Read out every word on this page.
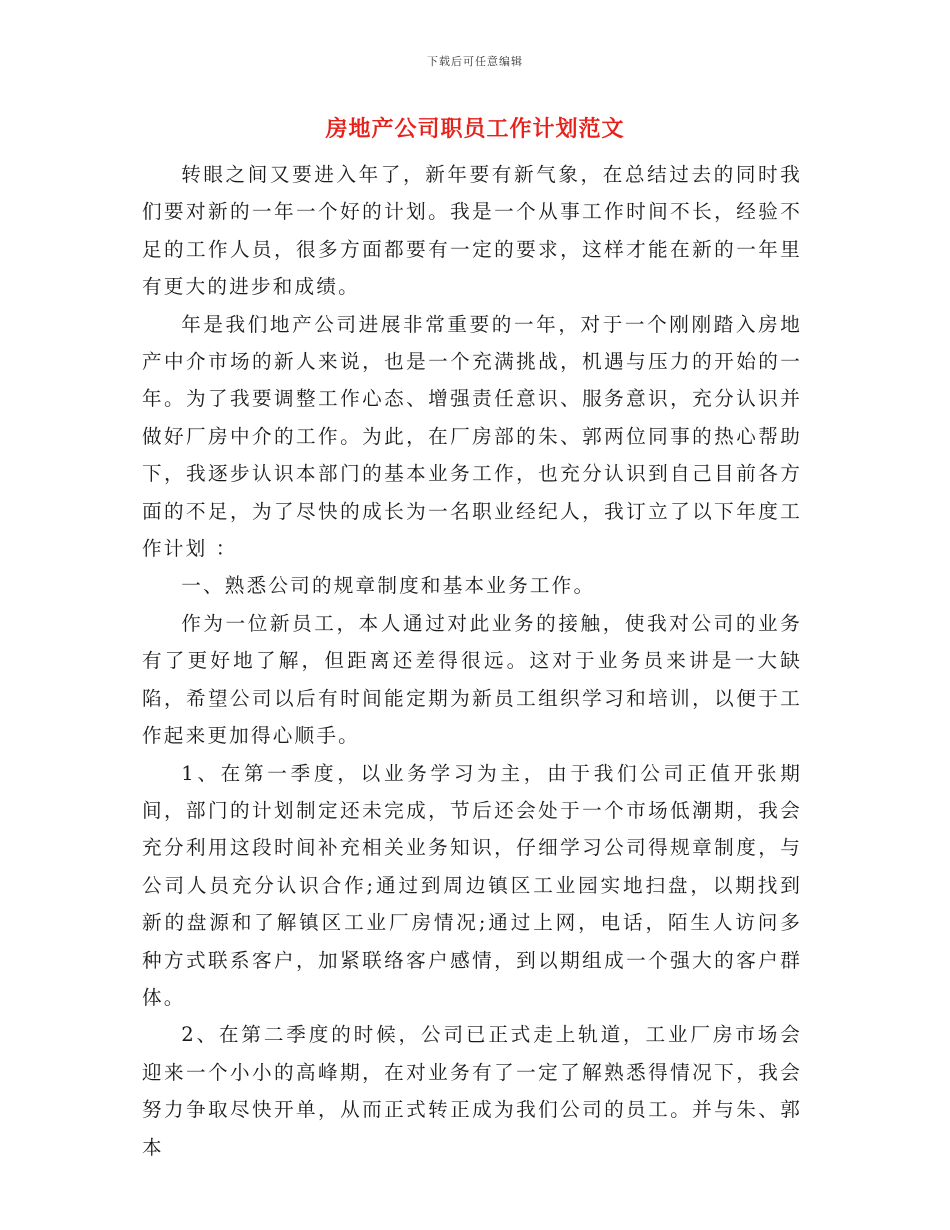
下载后可任意编辑
房地产公司职员工作计划范文

转眼之间又要进入年了，新年要有新气象，在总结过去的同时我们要对新的一年一个好的计划。我是一个从事工作时间不长，经验不足的工作人员，很多方面都要有一定的要求，这样才能在新的一年里有更大的进步和成绩。

年是我们地产公司进展非常重要的一年，对于一个刚刚踏入房地产中介市场的新人来说，也是一个充满挑战，机遇与压力的开始的一年。为了我要调整工作心态、增强责任意识、服务意识，充分认识并做好厂房中介的工作。为此，在厂房部的朱、郭两位同事的热心帮助下，我逐步认识本部门的基本业务工作，也充分认识到自己目前各方面的不足，为了尽快的成长为一名职业经纪人，我订立了以下年度工作计划 ：

一、熟悉公司的规章制度和基本业务工作。

作为一位新员工，本人通过对此业务的接触，使我对公司的业务有了更好地了解，但距离还差得很远。这对于业务员来讲是一大缺陷，希望公司以后有时间能定期为新员工组织学习和培训，以便于工作起来更加得心顺手。

1、在第一季度，以业务学习为主，由于我们公司正值开张期间，部门的计划制定还未完成，节后还会处于一个市场低潮期，我会充分利用这段时间补充相关业务知识，仔细学习公司得规章制度，与公司人员充分认识合作;通过到周边镇区工业园实地扫盘，以期找到新的盘源和了解镇区工业厂房情况;通过上网，电话，陌生人访问多种方式联系客户，加紧联络客户感情，到以期组成一个强大的客户群体。

2、在第二季度的时候，公司已正式走上轨道，工业厂房市场会迎来一个小小的高峰期，在对业务有了一定了解熟悉得情况下，我会努力争取尽快开单，从而正式转正成为我们公司的员工。并与朱、郭本
